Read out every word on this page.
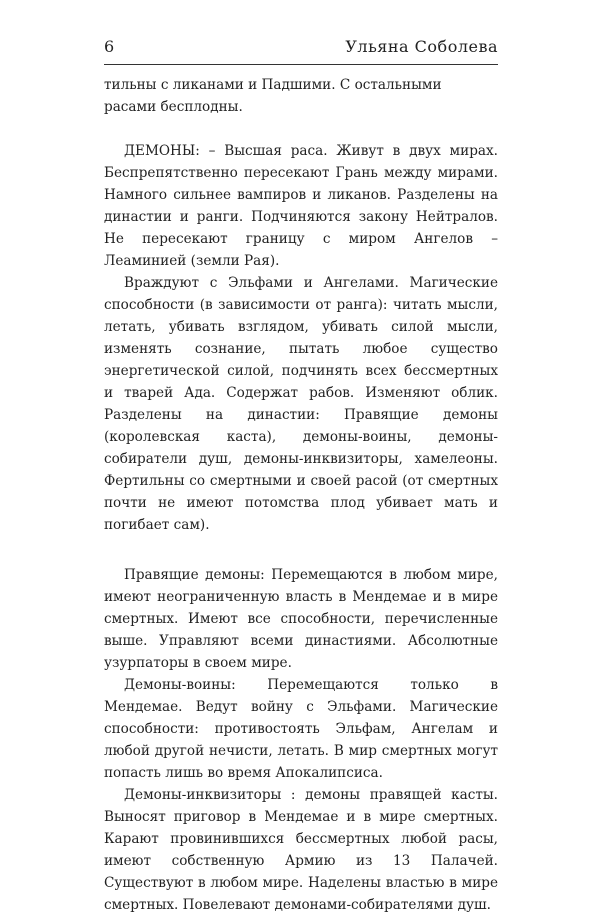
6	Ульяна Соболева

тильны с ликанами и Падшими. С остальными расами бесплодны.

ДЕМОНЫ: – Высшая раса. Живут в двух мирах. Беспрепятственно пересекают Грань между мирами. Намного сильнее вампиров и ликанов. Разделены на династии и ранги. Подчиняются закону Нейтралов. Не пересекают границу с миром Ангелов – Леаминией (земли Рая).

Враждуют с Эльфами и Ангелами. Магические способности (в зависимости от ранга): читать мысли, летать, убивать взглядом, убивать силой мысли, изменять сознание, пытать любое существо энергетической силой, подчинять всех бессмертных и тварей Ада. Содержат рабов. Изменяют облик. Разделены на династии: Правящие демоны (королевская каста), демоны-воины, демоны-собиратели душ, демоны-инквизиторы, хамелеоны. Фертильны со смертными и своей расой (от смертных почти не имеют потомства плод убивает мать и погибает сам).

Правящие демоны: Перемещаются в любом мире, имеют неограниченную власть в Мендемае и в мире смертных. Имеют все способности, перечисленные выше. Управляют всеми династиями. Абсолютные узурпаторы в своем мире.

Демоны-воины: Перемещаются только в Мендемае. Ведут войну с Эльфами. Магические способности: противостоять Эльфам, Ангелам и любой другой нечисти, летать. В мир смертных могут попасть лишь во время Апокалипсиса.

Демоны-инквизиторы : демоны правящей касты. Выносят приговор в Мендемае и в мире смертных. Карают провинившихся бессмертных любой расы, имеют собственную Армию из 13 Палачей. Существуют в любом мире. Наделены властью в мире смертных. Повелевают демонами-собирателями душ.
